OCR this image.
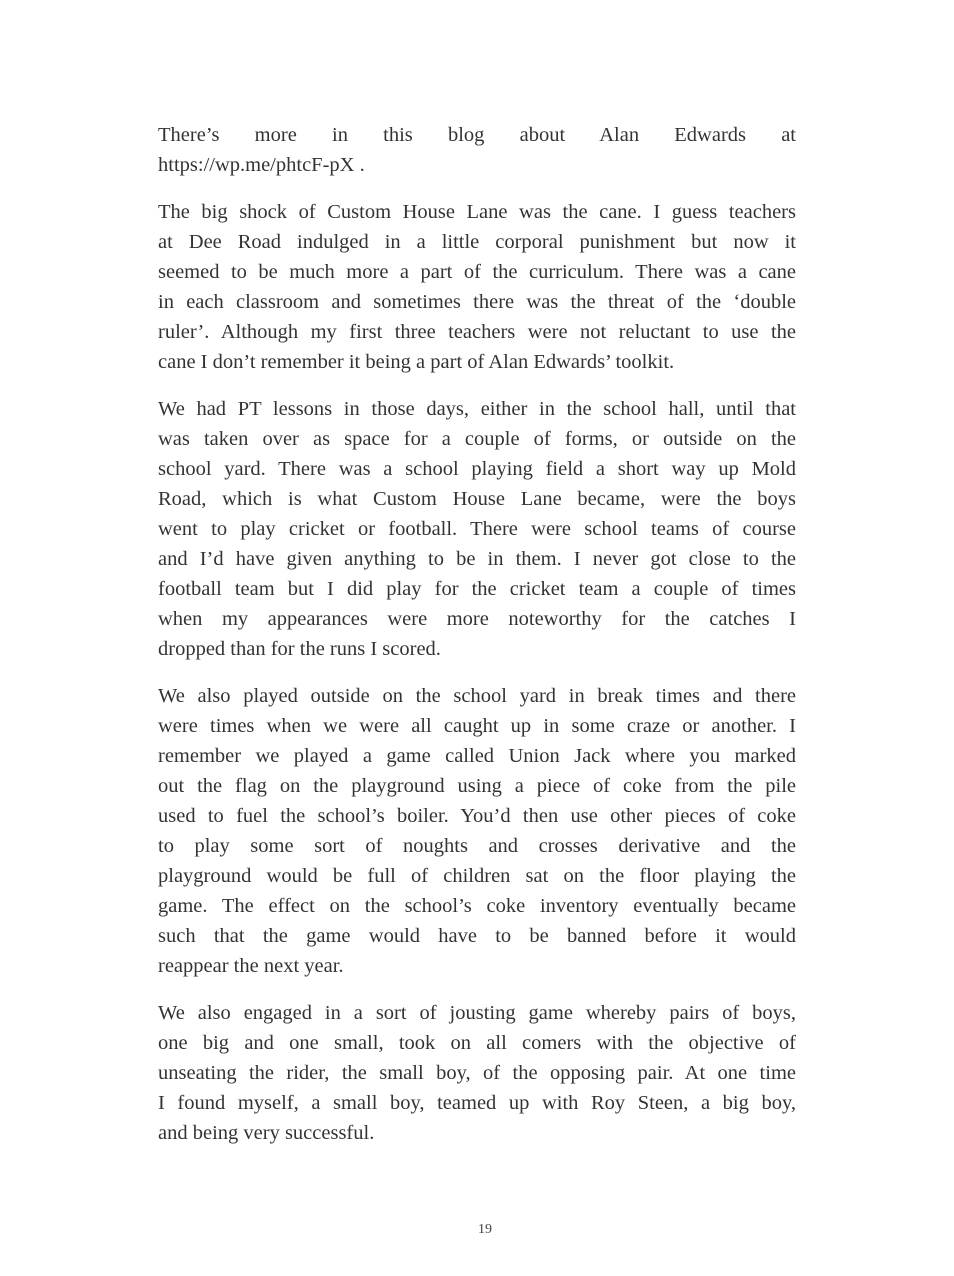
There’s more in this blog about Alan Edwards at
https://wp.me/phtcF-pX .
The big shock of Custom House Lane was the cane. I guess teachers
at Dee Road indulged in a little corporal punishment but now it
seemed to be much more a part of the curriculum. There was a cane
in each classroom and sometimes there was the threat of the ‘double
ruler’. Although my first three teachers were not reluctant to use the
cane I don’t remember it being a part of Alan Edwards’ toolkit.
We had PT lessons in those days, either in the school hall, until that
was taken over as space for a couple of forms, or outside on the
school yard. There was a school playing field a short way up Mold
Road, which is what Custom House Lane became, were the boys
went to play cricket or football. There were school teams of course
and I’d have given anything to be in them. I never got close to the
football team but I did play for the cricket team a couple of times
when my appearances were more noteworthy for the catches I
dropped than for the runs I scored.
We also played outside on the school yard in break times and there
were times when we were all caught up in some craze or another. I
remember we played a game called Union Jack where you marked
out the flag on the playground using a piece of coke from the pile
used to fuel the school’s boiler. You’d then use other pieces of coke
to play some sort of noughts and crosses derivative and the
playground would be full of children sat on the floor playing the
game. The effect on the school’s coke inventory eventually became
such that the game would have to be banned before it would
reappear the next year.
We also engaged in a sort of jousting game whereby pairs of boys,
one big and one small, took on all comers with the objective of
unseating the rider, the small boy, of the opposing pair. At one time
I found myself, a small boy, teamed up with Roy Steen, a big boy,
and being very successful.
19
